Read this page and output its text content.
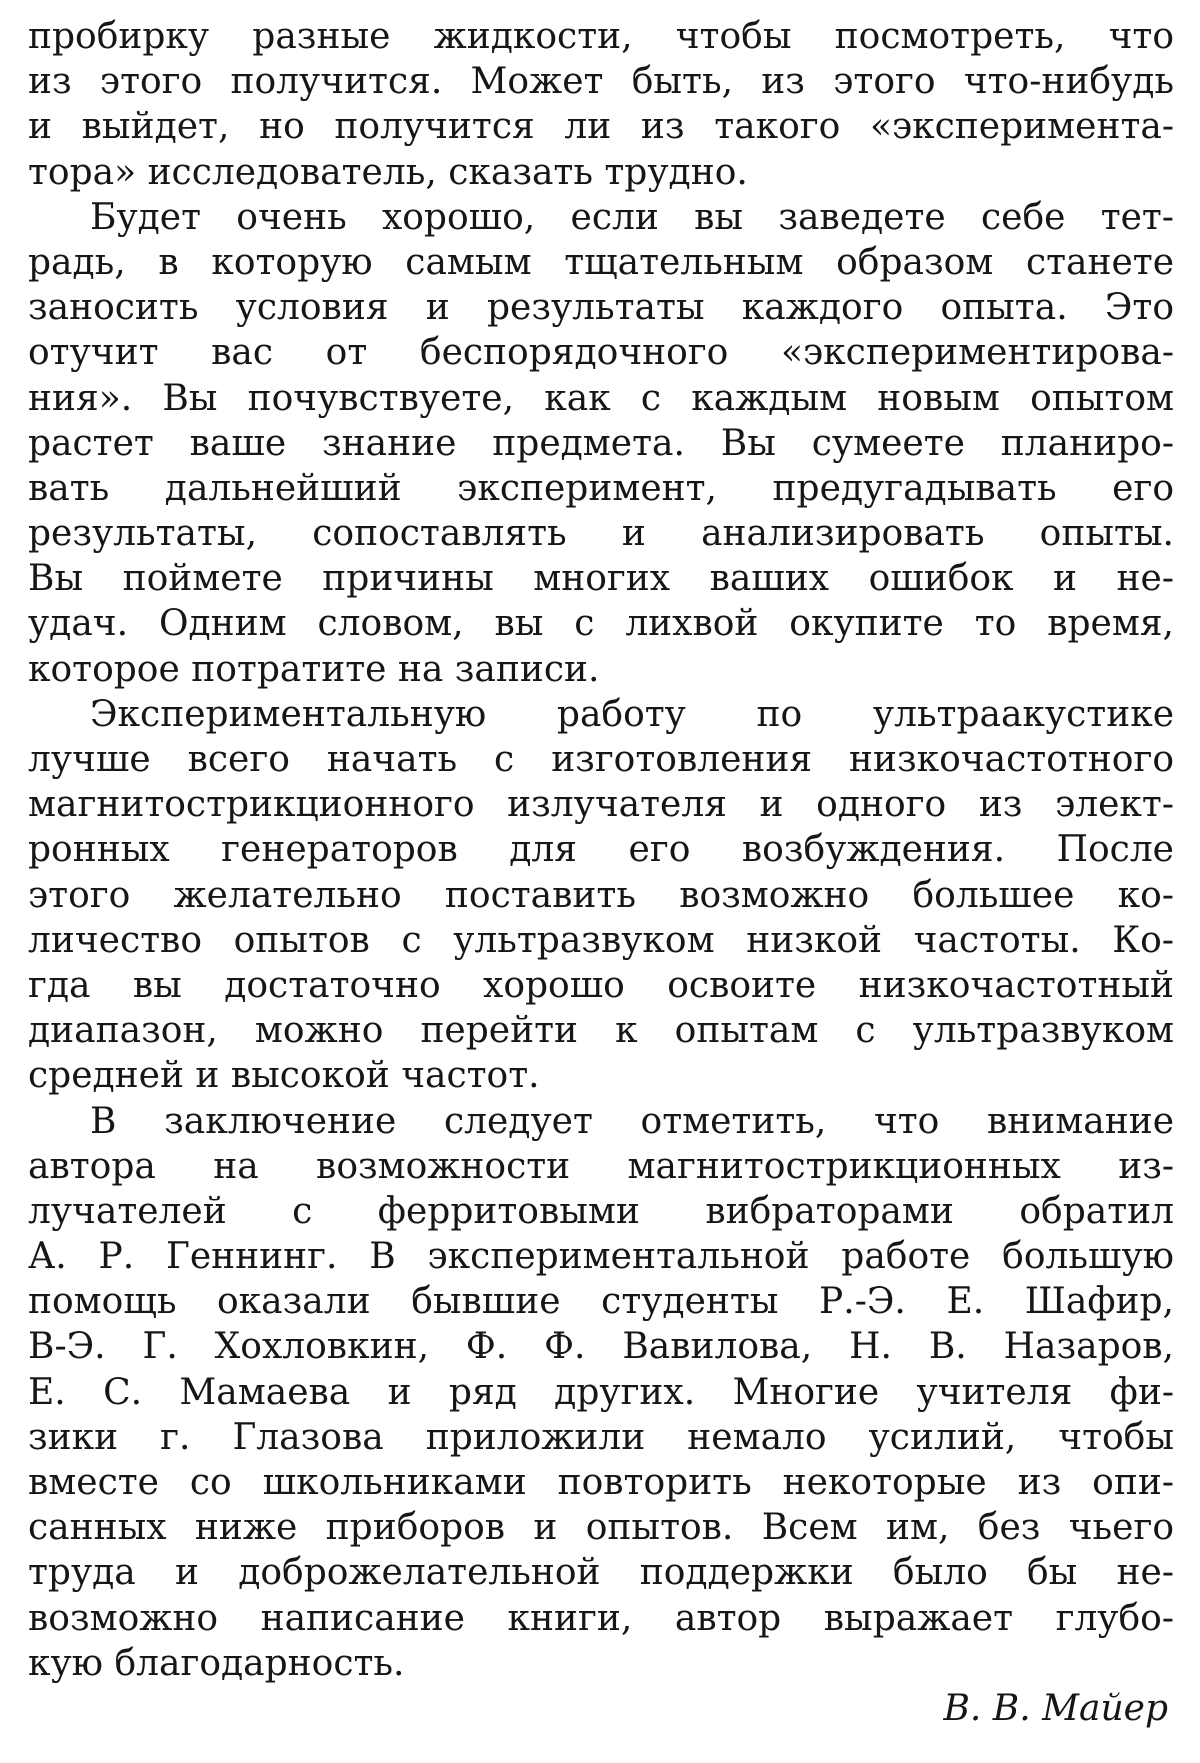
пробирку разные жидкости, чтобы посмотреть, что
из этого получится. Может быть, из этого что-нибудь
и выйдет, но получится ли из такого «эксперимента-
тора» исследователь, сказать трудно.
Будет очень хорошо, если вы заведете себе тет-
радь, в которую самым тщательным образом станете
заносить условия и результаты каждого опыта. Это
отучит вас от беспорядочного «экспериментирова-
ния». Вы почувствуете, как с каждым новым опытом
растет ваше знание предмета. Вы сумеете планиро-
вать дальнейший эксперимент, предугадывать его
результаты, сопоставлять и анализировать опыты.
Вы поймете причины многих ваших ошибок и не-
удач. Одним словом, вы с лихвой окупите то время,
которое потратите на записи.
Экспериментальную работу по ультраакустике
лучше всего начать с изготовления низкочастотного
магнитострикционного излучателя и одного из элект-
ронных генераторов для его возбуждения. После
этого желательно поставить возможно большее ко-
личество опытов с ультразвуком низкой частоты. Ко-
гда вы достаточно хорошо освоите низкочастотный
диапазон, можно перейти к опытам с ультразвуком
средней и высокой частот.
В заключение следует отметить, что внимание
автора на возможности магнитострикционных из-
лучателей с ферритовыми вибраторами обратил
А. Р. Геннинг. В экспериментальной работе большую
помощь оказали бывшие студенты Р.-Э. Е. Шафир,
В-Э. Г. Хохловкин, Ф. Ф. Вавилова, Н. В. Назаров,
Е. С. Мамаева и ряд других. Многие учителя фи-
зики г. Глазова приложили немало усилий, чтобы
вместе со школьниками повторить некоторые из опи-
санных ниже приборов и опытов. Всем им, без чьего
труда и доброжелательной поддержки было бы не-
возможно написание книги, автор выражает глубо-
кую благодарность.
В. В. Майер
